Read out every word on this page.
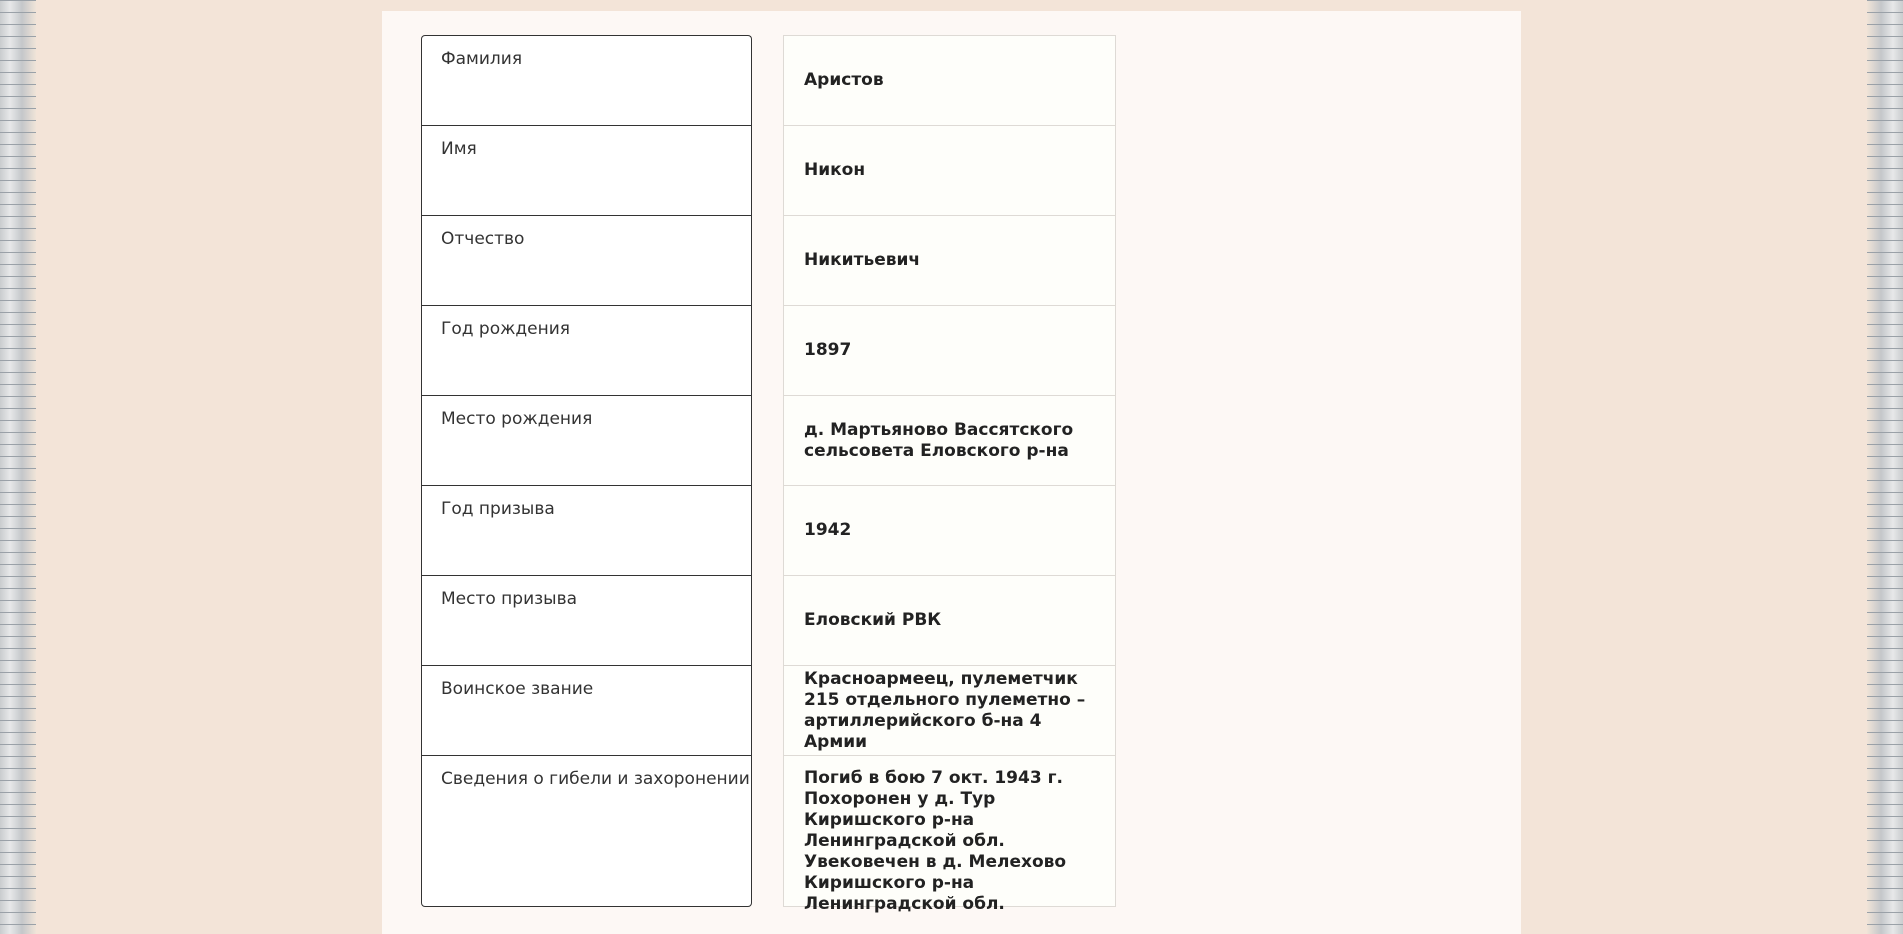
Фамилия
Аристов
Имя
Никон
Отчество
Никитьевич
Год рождения
1897
Место рождения
д. Мартьяново Вассятского сельсовета Еловского р-на
Год призыва
1942
Место призыва
Еловский РВК
Воинское звание
Красноармеец, пулеметчик 215 отдельного пулеметно – артиллерийского б-на 4 Армии
Сведения о гибели и захоронении	Погиб в бою 7 окт. 1943 г. Похоронен у д. Тур Киришского р-на Ленинградской обл. Увековечен в д. Мелехово Киришского р-на Ленинградской обл.
